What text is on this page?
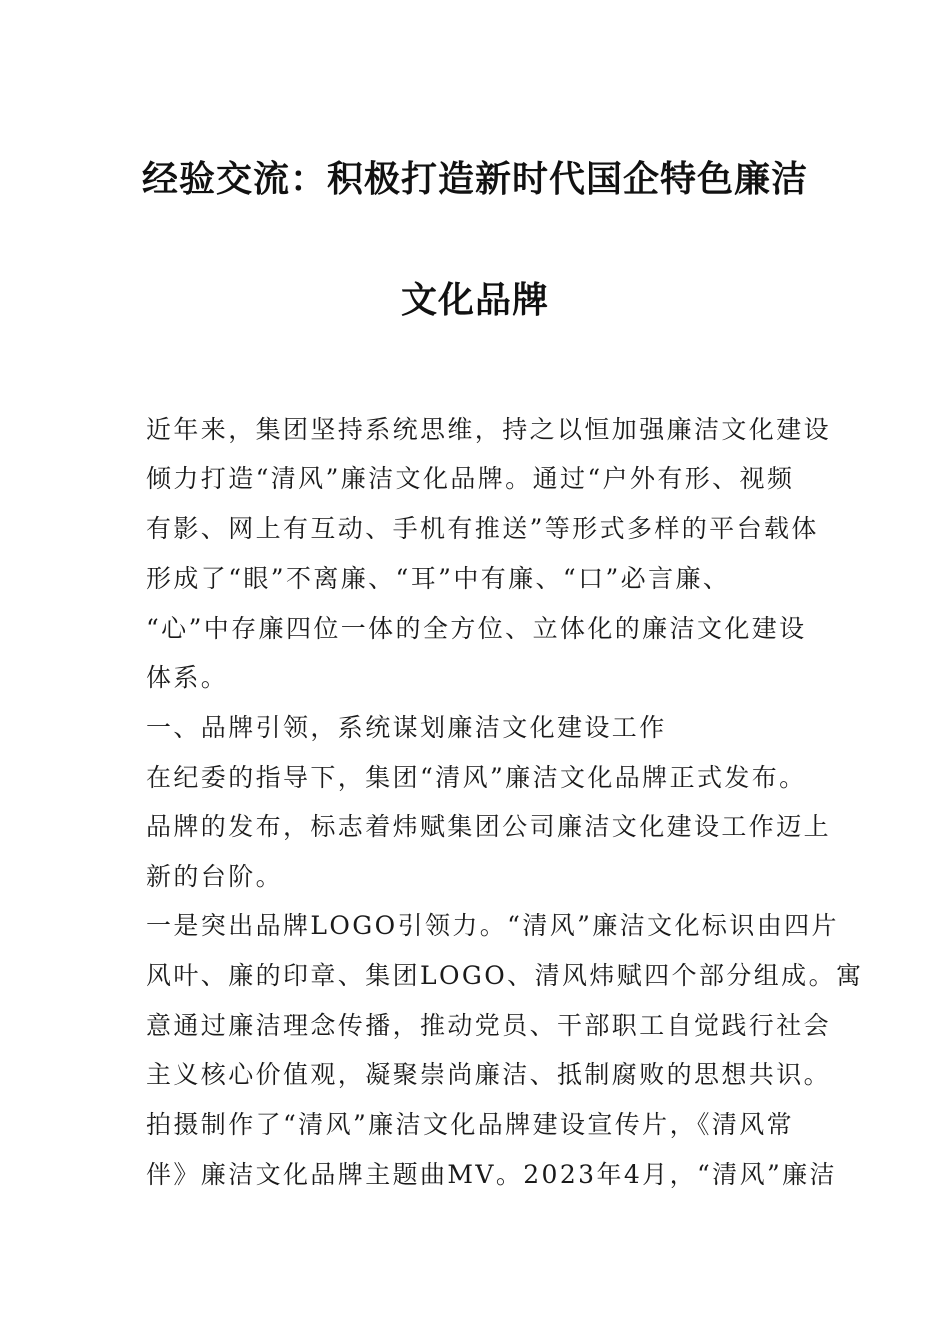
经验交流：积极打造新时代国企特色廉洁
文化品牌
近年来，集团坚持系统思维，持之以恒加强廉洁文化建设
倾力打造“清风”廉洁文化品牌。通过“户外有形、视频
有影、网上有互动、手机有推送”等形式多样的平台载体
形成了“眼”不离廉、“耳”中有廉、“口”必言廉、
“心”中存廉四位一体的全方位、立体化的廉洁文化建设
体系。
一、品牌引领，系统谋划廉洁文化建设工作
在纪委的指导下，集团“清风”廉洁文化品牌正式发布。
品牌的发布，标志着炜赋集团公司廉洁文化建设工作迈上
新的台阶。
一是突出品牌LOGO引领力。“清风”廉洁文化标识由四片
风叶、廉的印章、集团LOGO、清风炜赋四个部分组成。寓
意通过廉洁理念传播，推动党员、干部职工自觉践行社会
主义核心价值观，凝聚崇尚廉洁、抵制腐败的思想共识。
拍摄制作了“清风”廉洁文化品牌建设宣传片，《清风常
伴》廉洁文化品牌主题曲MV。2023年4月，“清风”廉洁
